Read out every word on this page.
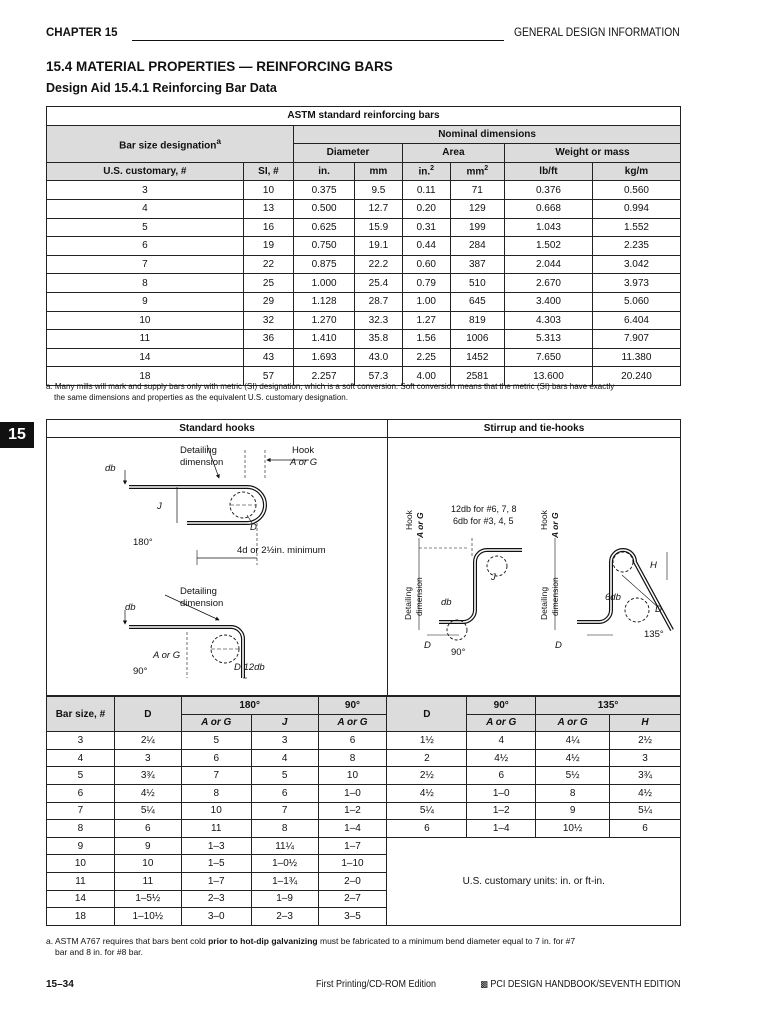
CHAPTER 15	GENERAL DESIGN INFORMATION
15.4 MATERIAL PROPERTIES — REINFORCING BARS
Design Aid 15.4.1 Reinforcing Bar Data
ASTM standard reinforcing bars							
Bar size designation$^a$		Nominal dimensions					
		Diameter		Area		Weight or mass	
U.S. customary, #	SI, #	in.	mm	in.$^2$	$mm^2$	lb/ft	kg/m
3	10	0.375	9.5	0.11	71	0.376	0.560
4	13	0.500	12.7	0.20	129	0.668	0.994
5	16	0.625	15.9	0.31	199	1.043	1.552
6	19	0.750	19.1	0.44	284	1.502	2.235
7	22	0.875	22.2	0.60	387	2.044	3.042
8	25	1.000	25.4	0.79	510	2.670	3.973
9	29	1.128	28.7	1.00	645	3.400	5.060
10	32	1.270	32.3	1.27	819	4.303	6.404
11	36	1.410	35.8	1.56	1006	5.313	7.907
14	43	1.693	43.0	2.25	1452	7.650	11.380
18	57	2.257	57.3	4.00	2581	13.600	20.240
a. Many mills will mark and supply bars only with metric (SI) designation, which is a soft conversion. Soft conversion means that the metric (SI) bars have exactly
the same dimensions and properties as the equivalent U.S. customary designation.
15	Standard hooks	Stirrup and tie-hooks
Detailing
dimension
Hook
A or G
db
J
D
180°
4d or 2½in. minimum
Detailing
dimension
db
A or G
90°	D 12db
Hook A or G
Detailing dimension
12db for #6, 7, 8
6db for #3, 4, 5
J
db
D
90°
Hook A or G
Detailing dimension
H
6db
D
D
135°
Bar size, #	D	180°		90°	D	90°	135°	
		A or G	J	A or G		A or G	A or G	H
3	2¼	5	3	6	1½	4	4¼	2½
4	3	6	4	8	2	4½	4½	3
5	3¾	7	5	10	2½	6	5½	3¾
6	4½	8	6	1–0	4½	1–0	8	4½
7	5¼	10	7	1–2	5¼	1–2	9	5¼
8	6	11	8	1–4	6	1–4	10½	6
9	9	1–3	11¼	1–7	U.S. customary units: in. or ft-in.			
10	10	1–5	1–0½	1–10				
11	11	1–7	1–1¾	2–0				
14	1–5½	2–3	1–9	2–7				
18	1–10½	3–0	2–3	3–5				
a. ASTM A767 requires that bars bent cold prior to hot-dip galvanizing must be fabricated to a minimum bend diameter equal to 7 in. for #7
bar and 8 in. for #8 bar.
15–34	First Printing/CD-ROM Edition	▩ PCI DESIGN HANDBOOK/SEVENTH EDITION
